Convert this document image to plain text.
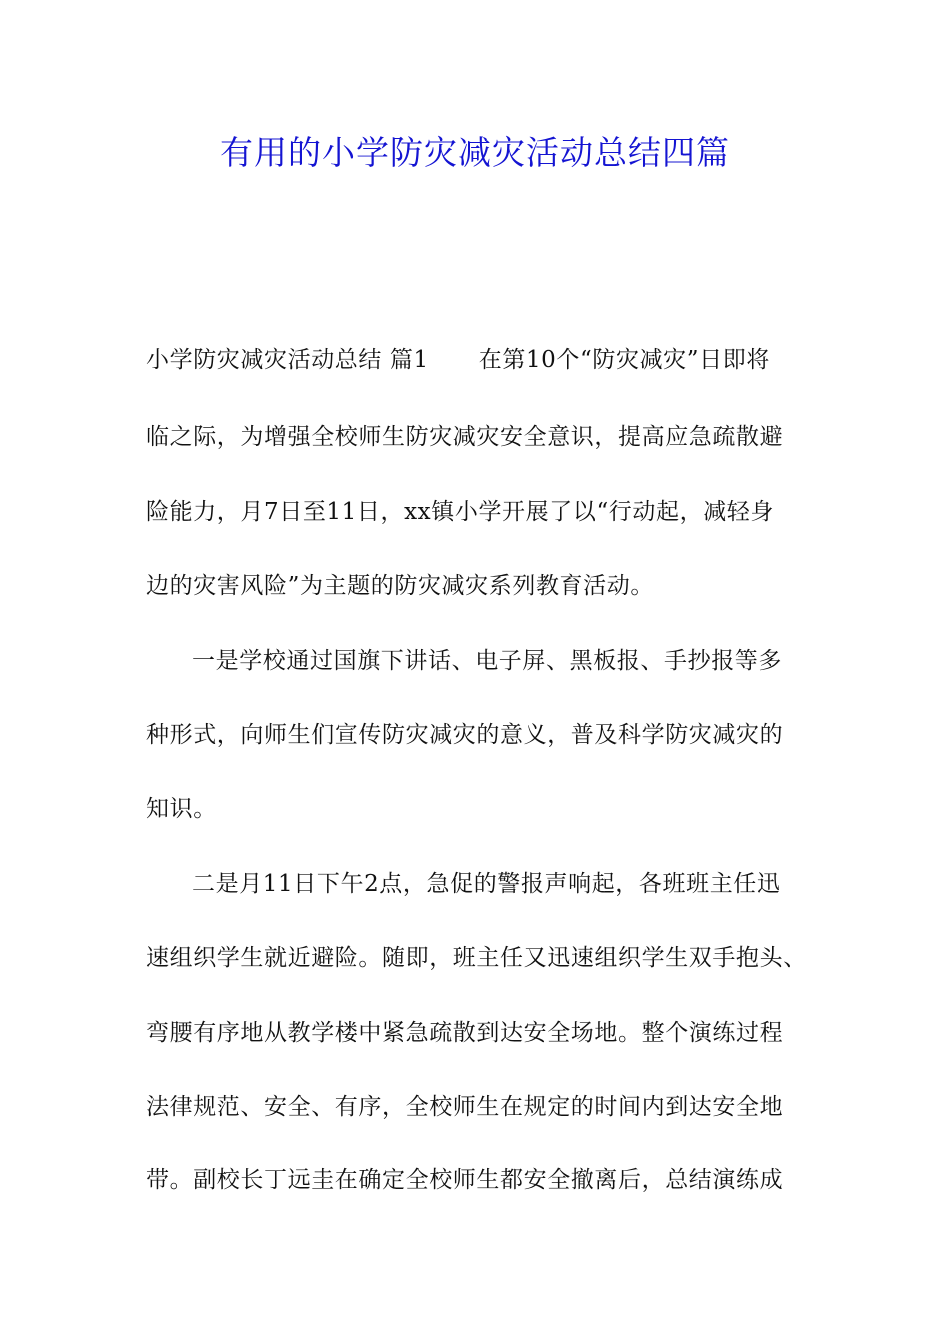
有用的小学防灾减灾活动总结四篇
小学防灾减灾活动总结 篇1 在第10个“防灾减灾”日即将
临之际，为增强全校师生防灾减灾安全意识，提高应急疏散避
险能力，月7日至11日，xx镇小学开展了以“行动起，减轻身
边的灾害风险”为主题的防灾减灾系列教育活动。
一是学校通过国旗下讲话、电子屏、黑板报、手抄报等多
种形式，向师生们宣传防灾减灾的意义，普及科学防灾减灾的
知识。
二是月11日下午2点，急促的警报声响起，各班班主任迅
速组织学生就近避险。随即，班主任又迅速组织学生双手抱头、
弯腰有序地从教学楼中紧急疏散到达安全场地。整个演练过程
法律规范、安全、有序，全校师生在规定的时间内到达安全地
带。副校长丁远圭在确定全校师生都安全撤离后，总结演练成
